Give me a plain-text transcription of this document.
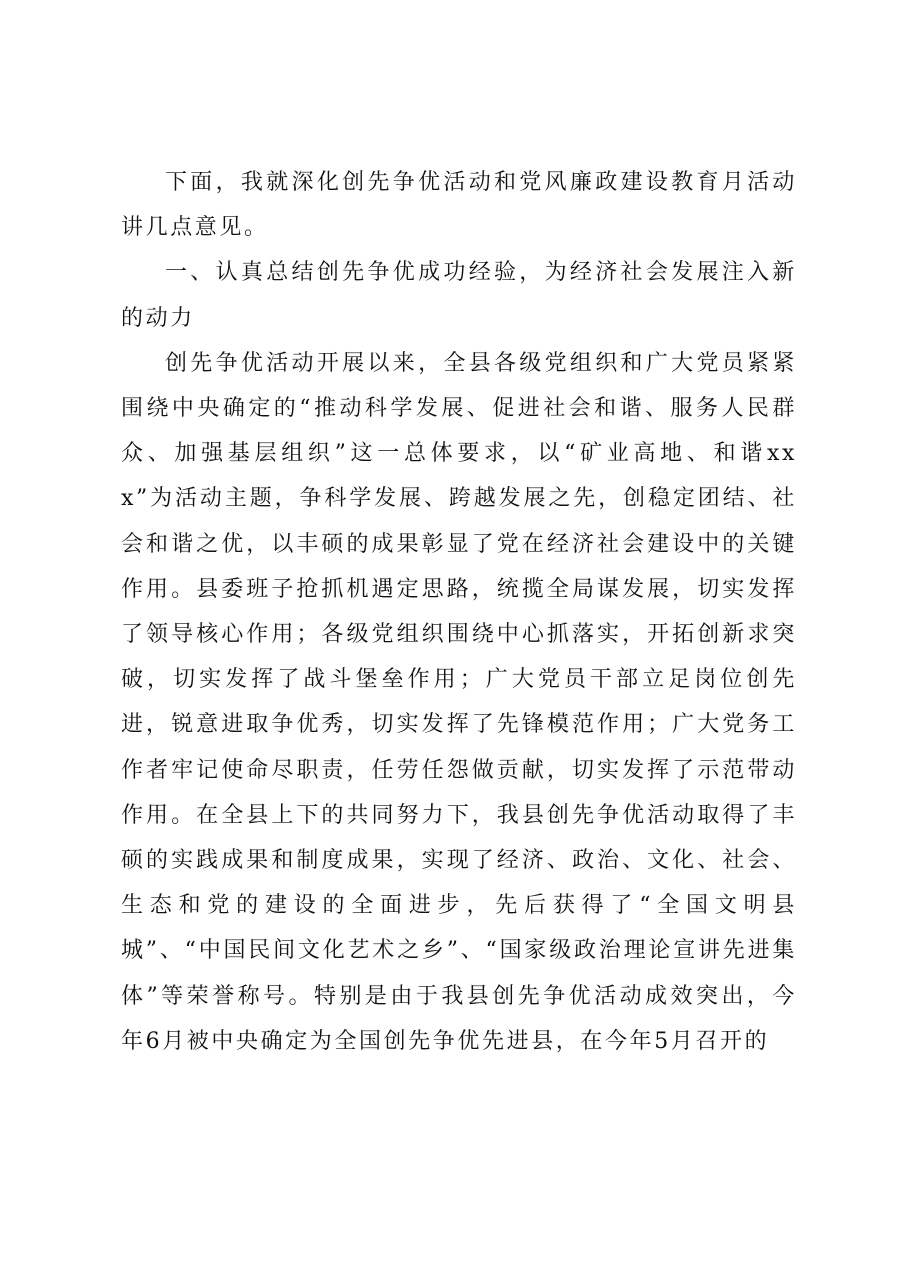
下面，我就深化创先争优活动和党风廉政建设教育月活动讲几点意见。

一、认真总结创先争优成功经验，为经济社会发展注入新的动力

创先争优活动开展以来，全县各级党组织和广大党员紧紧围绕中央确定的“推动科学发展、促进社会和谐、服务人民群众、加强基层组织”这一总体要求，以“矿业高地、和谐xxx”为活动主题，争科学发展、跨越发展之先，创稳定团结、社会和谐之优，以丰硕的成果彰显了党在经济社会建设中的关键作用。县委班子抢抓机遇定思路，统揽全局谋发展，切实发挥了领导核心作用；各级党组织围绕中心抓落实，开拓创新求突破，切实发挥了战斗堡垒作用；广大党员干部立足岗位创先进，锐意进取争优秀，切实发挥了先锋模范作用；广大党务工作者牢记使命尽职责，任劳任怨做贡献，切实发挥了示范带动作用。在全县上下的共同努力下，我县创先争优活动取得了丰硕的实践成果和制度成果，实现了经济、政治、文化、社会、生态和党的建设的全面进步，先后获得了“全国文明县城”、“中国民间文化艺术之乡”、“国家级政治理论宣讲先进集体”等荣誉称号。特别是由于我县创先争优活动成效突出，今年6月被中央确定为全国创先争优先进县，在今年5月召开的
